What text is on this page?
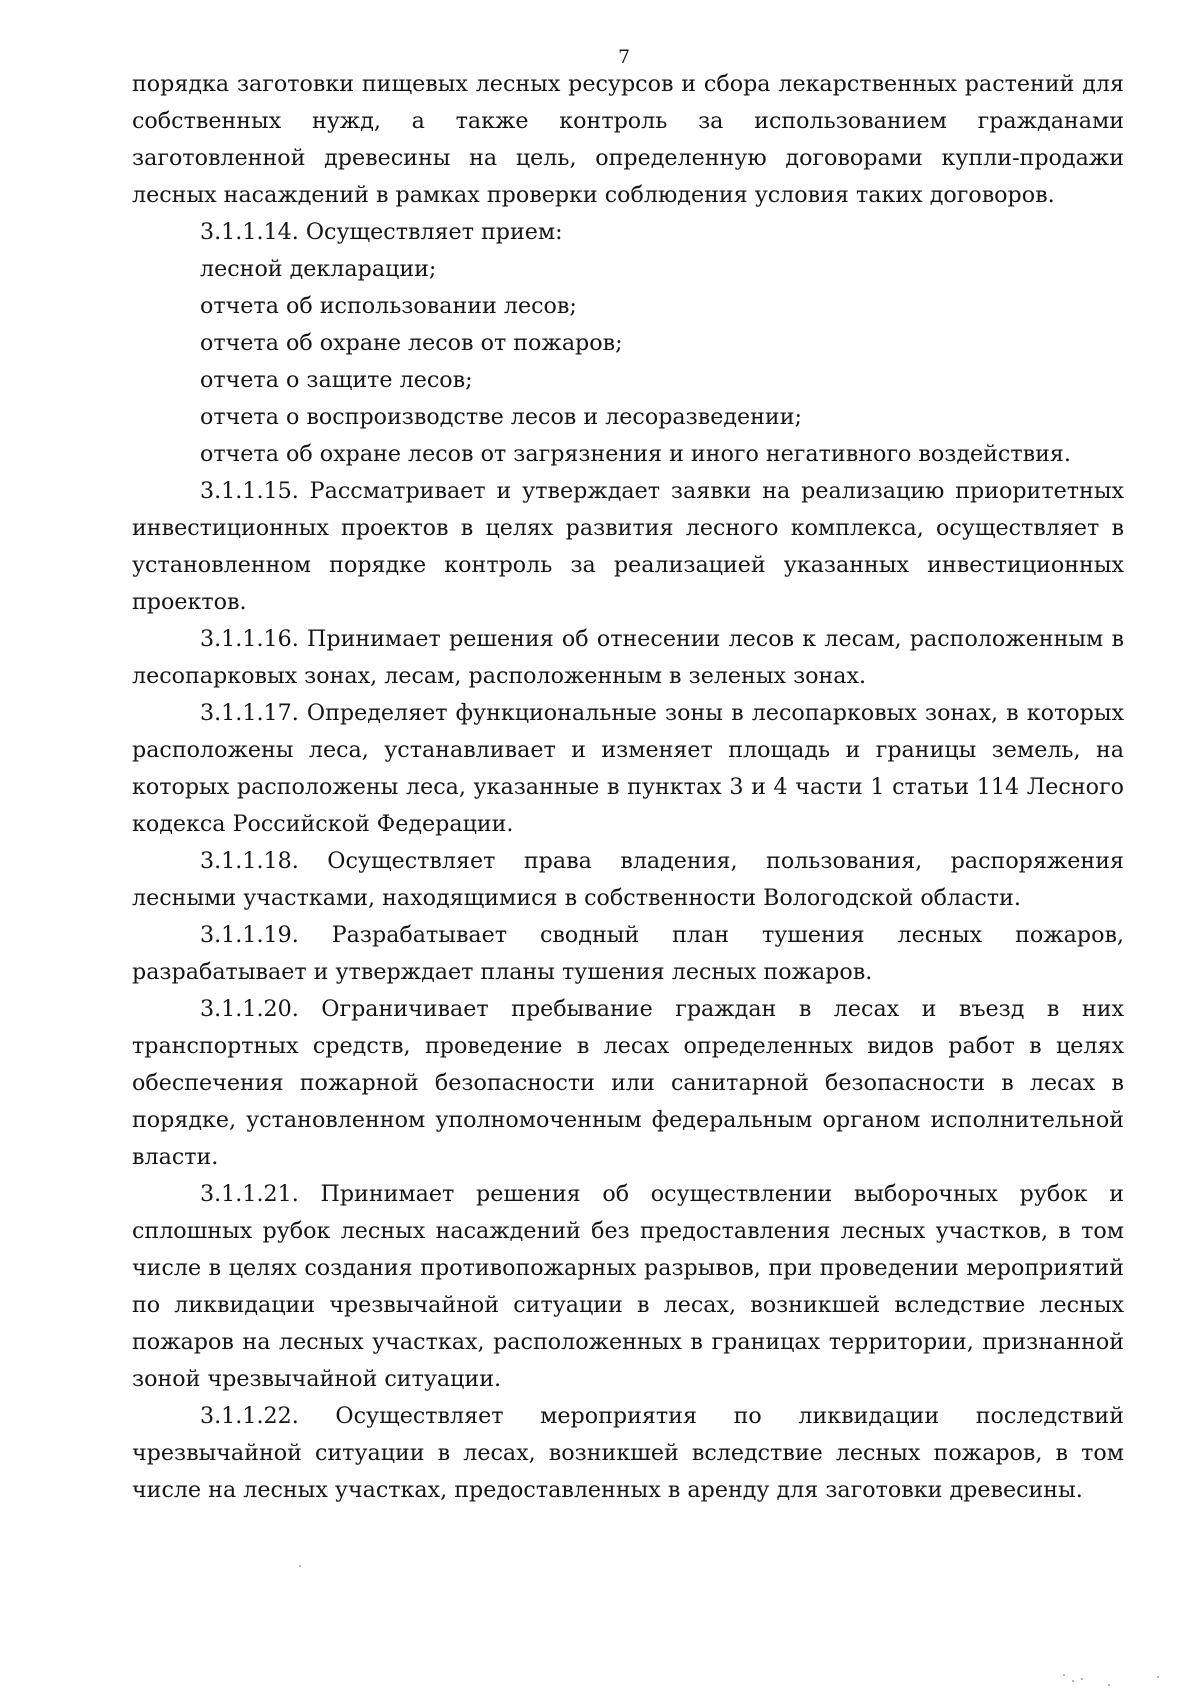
7

порядка заготовки пищевых лесных ресурсов и сбора лекарственных растений для собственных нужд, а также контроль за использованием гражданами заготовленной древесины на цель, определенную договорами купли-продажи лесных насаждений в рамках проверки соблюдения условия таких договоров.

3.1.1.14. Осуществляет прием:

лесной декларации;

отчета об использовании лесов;

отчета об охране лесов от пожаров;

отчета о защите лесов;

отчета о воспроизводстве лесов и лесоразведении;

отчета об охране лесов от загрязнения и иного негативного воздействия.

3.1.1.15. Рассматривает и утверждает заявки на реализацию приоритетных инвестиционных проектов в целях развития лесного комплекса, осуществляет в установленном порядке контроль за реализацией указанных инвестиционных проектов.

3.1.1.16. Принимает решения об отнесении лесов к лесам, расположенным в лесопарковых зонах, лесам, расположенным в зеленых зонах.

3.1.1.17. Определяет функциональные зоны в лесопарковых зонах, в которых расположены леса, устанавливает и изменяет площадь и границы земель, на которых расположены леса, указанные в пунктах 3 и 4 части 1 статьи 114 Лесного кодекса Российской Федерации.

3.1.1.18. Осуществляет права владения, пользования, распоряжения лесными участками, находящимися в собственности Вологодской области.

3.1.1.19. Разрабатывает сводный план тушения лесных пожаров, разрабатывает и утверждает планы тушения лесных пожаров.

3.1.1.20. Ограничивает пребывание граждан в лесах и въезд в них транспортных средств, проведение в лесах определенных видов работ в целях обеспечения пожарной безопасности или санитарной безопасности в лесах в порядке, установленном уполномоченным федеральным органом исполнительной власти.

3.1.1.21. Принимает решения об осуществлении выборочных рубок и сплошных рубок лесных насаждений без предоставления лесных участков, в том числе в целях создания противопожарных разрывов, при проведении мероприятий по ликвидации чрезвычайной ситуации в лесах, возникшей вследствие лесных пожаров на лесных участках, расположенных в границах территории, признанной зоной чрезвычайной ситуации.

3.1.1.22. Осуществляет мероприятия по ликвидации последствий чрезвычайной ситуации в лесах, возникшей вследствие лесных пожаров, в том числе на лесных участках, предоставленных в аренду для заготовки древесины.
